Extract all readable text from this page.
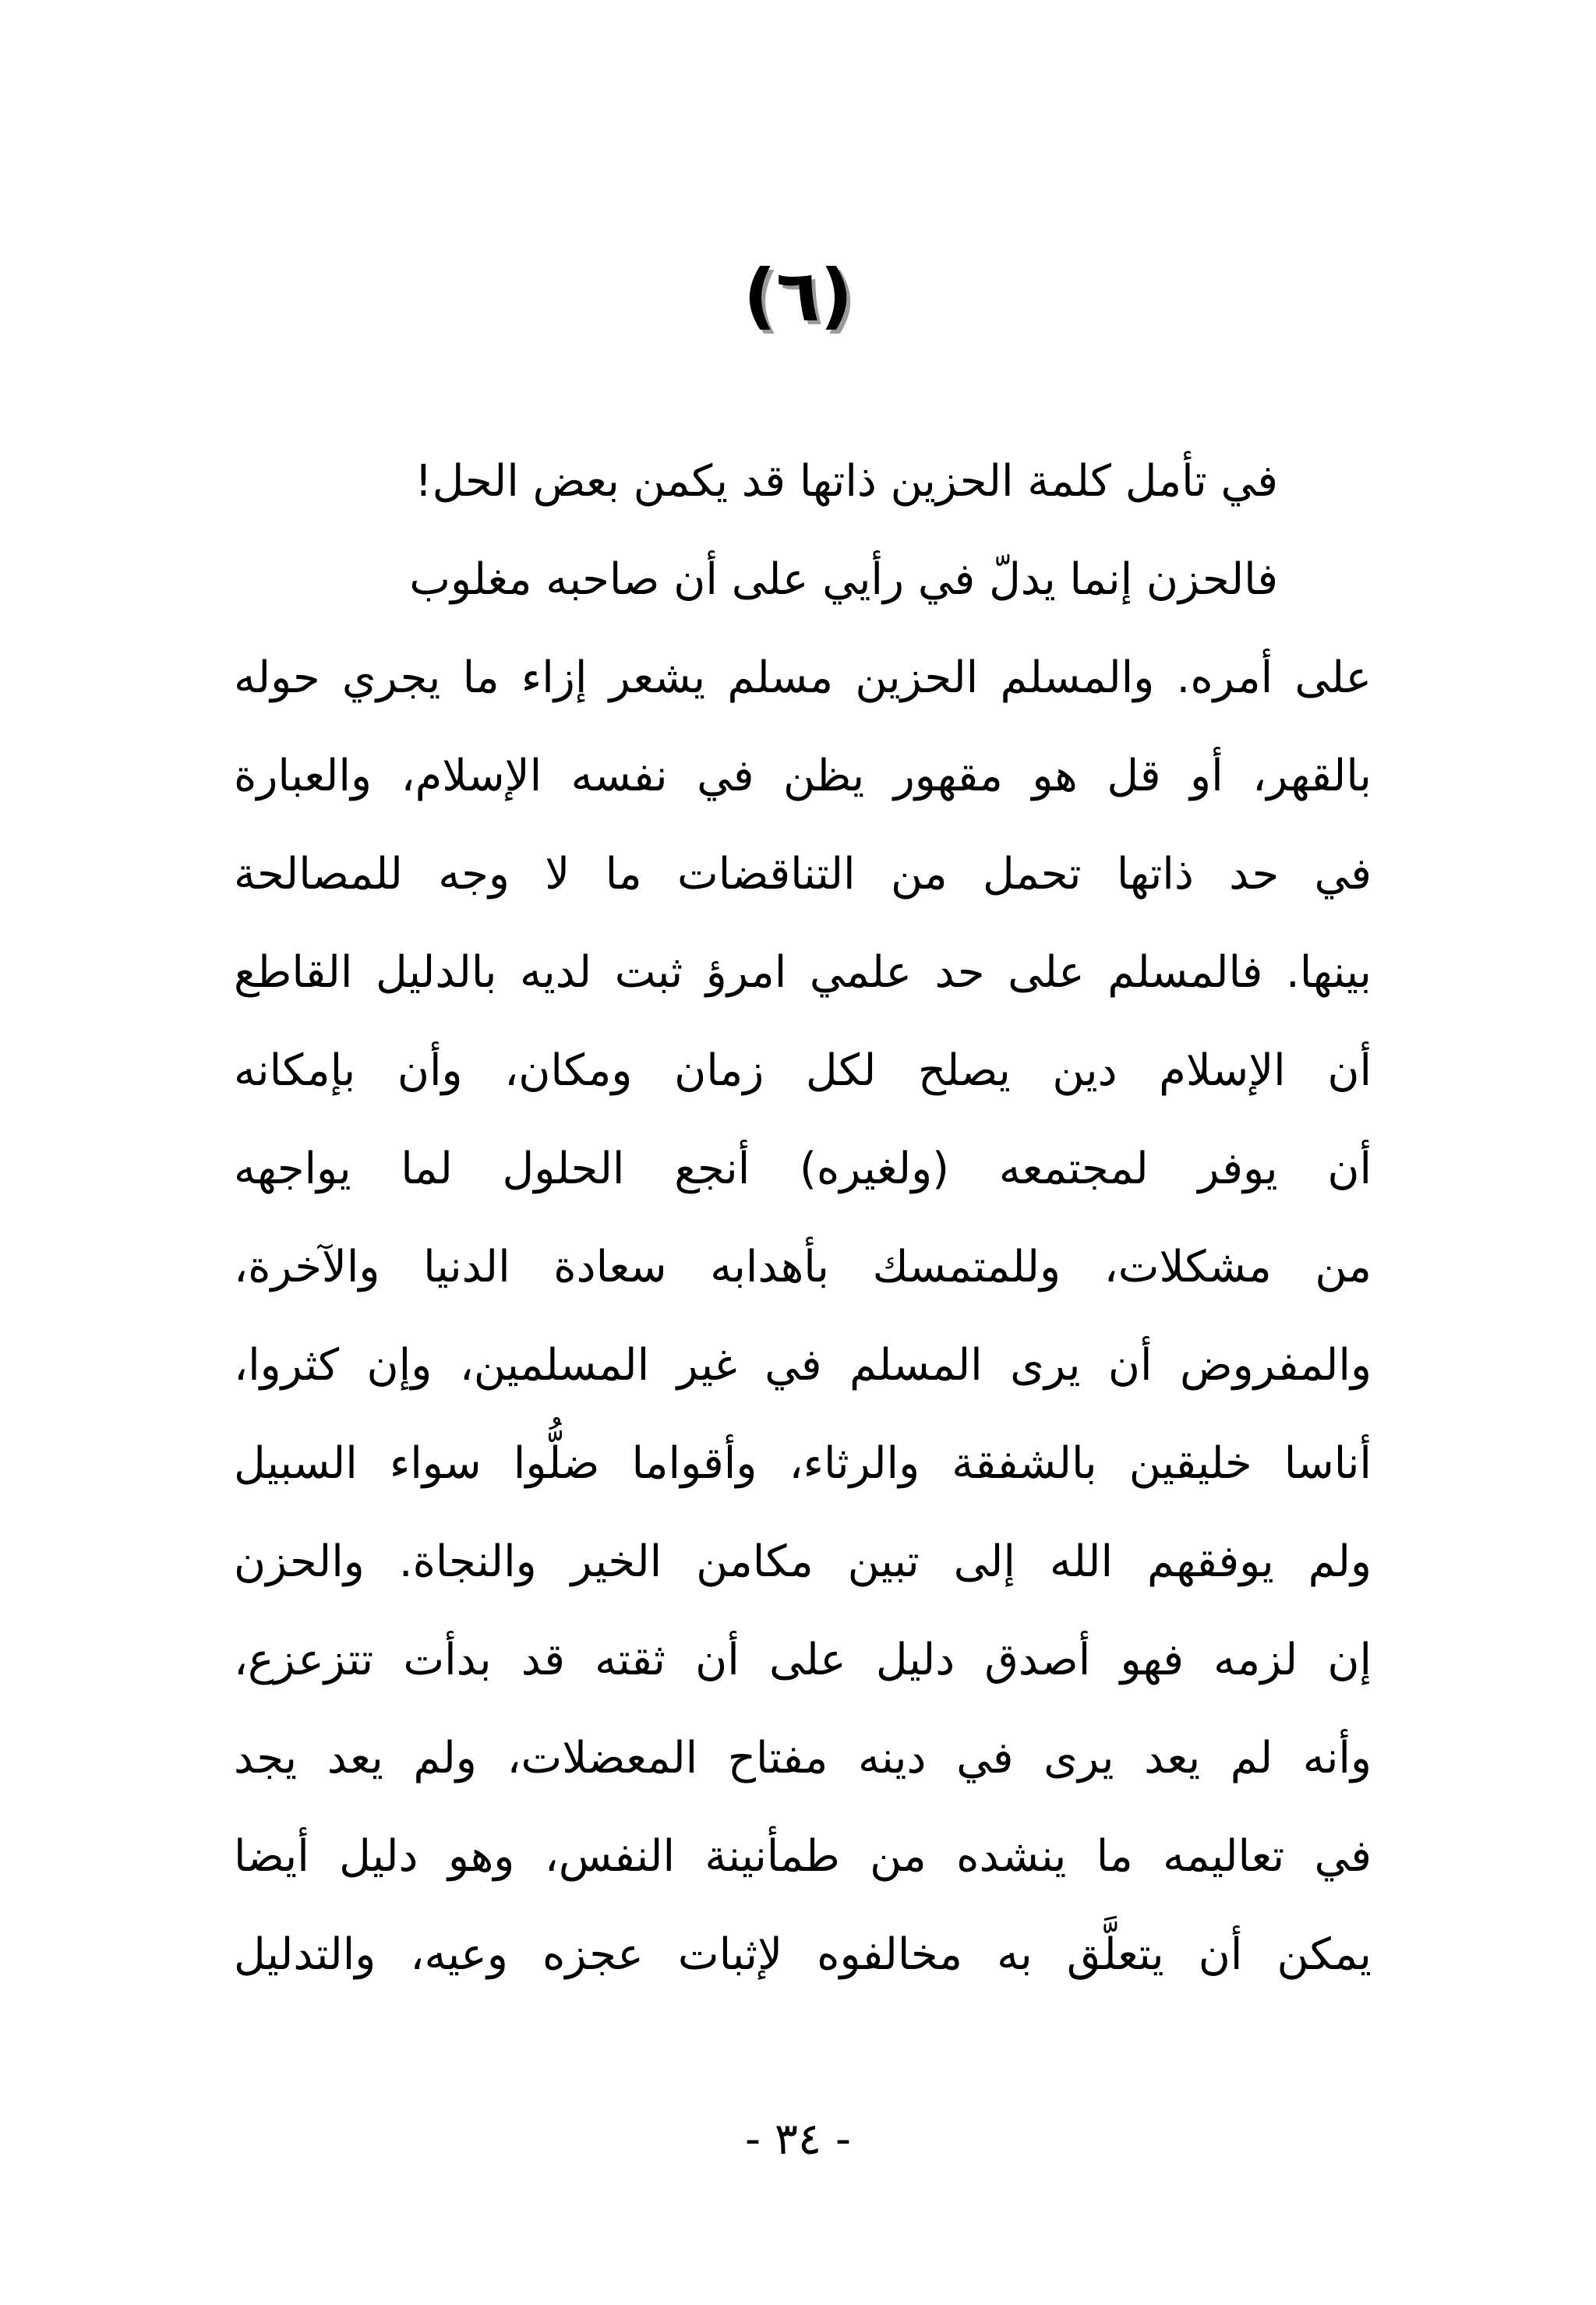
(٦)
في تأمل كلمة الحزين ذاتها قد يكمن بعض الحل!
فالحزن إنما يدلّ في رأيي على أن صاحبه مغلوب
على أمره. والمسلم الحزين مسلم يشعر إزاء ما يجري حوله
بالقهر، أو قل هو مقهور يظن في نفسه الإسلام، والعبارة
في حد ذاتها تحمل من التناقضات ما لا وجه للمصالحة
بينها. فالمسلم على حد علمي امرؤ ثبت لديه بالدليل القاطع
أن الإسلام دين يصلح لكل زمان ومكان، وأن بإمكانه
أن يوفر لمجتمعه (ولغيره) أنجع الحلول لما يواجهه
من مشكلات، وللمتمسك بأهدابه سعادة الدنيا والآخرة،
والمفروض أن يرى المسلم في غير المسلمين، وإن كثروا،
أناسا خليقين بالشفقة والرثاء، وأقواما ضلُّوا سواء السبيل
ولم يوفقهم الله إلى تبين مكامن الخير والنجاة. والحزن
إن لزمه فهو أصدق دليل على أن ثقته قد بدأت تتزعزع،
وأنه لم يعد يرى في دينه مفتاح المعضلات، ولم يعد يجد
في تعاليمه ما ينشده من طمأنينة النفس، وهو دليل أيضا
يمكن أن يتعلَّق به مخالفوه لإثبات عجزه وعيه، والتدليل
- ٣٤ -
